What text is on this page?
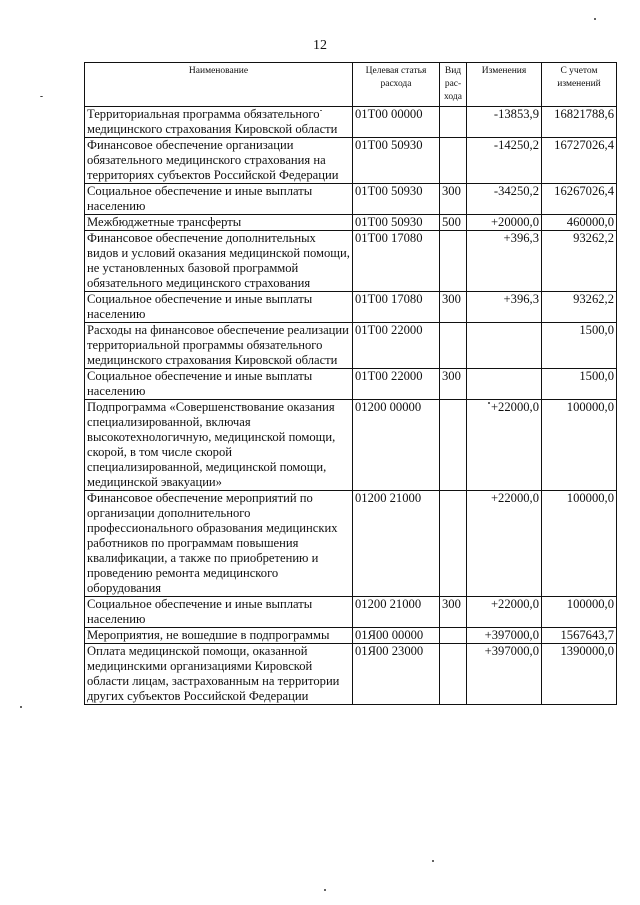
12
Наименование	Целевая статья расхода	Вид рас-хода	Изменения	С учетом изменений
Территориальная программа обязательного медицинского страхования Кировской области	01Т00 00000		-13853,9	16821788,6
Финансовое обеспечение организации обязательного медицинского страхования на территориях субъектов Российской Федерации	01Т00 50930		-14250,2	16727026,4
Социальное обеспечение и иные выплаты населению	01Т00 50930	300	-34250,2	16267026,4
Межбюджетные трансферты	01Т00 50930	500	+20000,0	460000,0
Финансовое обеспечение дополнительных видов и условий оказания медицинской помощи, не установленных базовой программой обязательного медицинского страхования	01Т00 17080		+396,3	93262,2
Социальное обеспечение и иные выплаты населению	01Т00 17080	300	+396,3	93262,2
Расходы на финансовое обеспечение реализации территориальной программы обязательного медицинского страхования Кировской области	01Т00 22000			1500,0
Социальное обеспечение и иные выплаты населению	01Т00 22000	300		1500,0
Подпрограмма «Совершенствование оказания специализированной, включая высокотехнологичную, медицинской помощи, скорой, в том числе скорой специализированной, медицинской помощи, медицинской эвакуации»	01200 00000		+22000,0	100000,0
Финансовое обеспечение мероприятий по организации дополнительного профессионального образования медицинских работников по программам повышения квалификации, а также по приобретению и проведению ремонта медицинского оборудования	01200 21000		+22000,0	100000,0
Социальное обеспечение и иные выплаты населению	01200 21000	300	+22000,0	100000,0
Мероприятия, не вошедшие в подпрограммы	01Я00 00000		+397000,0	1567643,7
Оплата медицинской помощи, оказанной медицинскими организациями Кировской области лицам, застрахованным на территории других субъектов Российской Федерации	01Я00 23000		+397000,0	1390000,0
